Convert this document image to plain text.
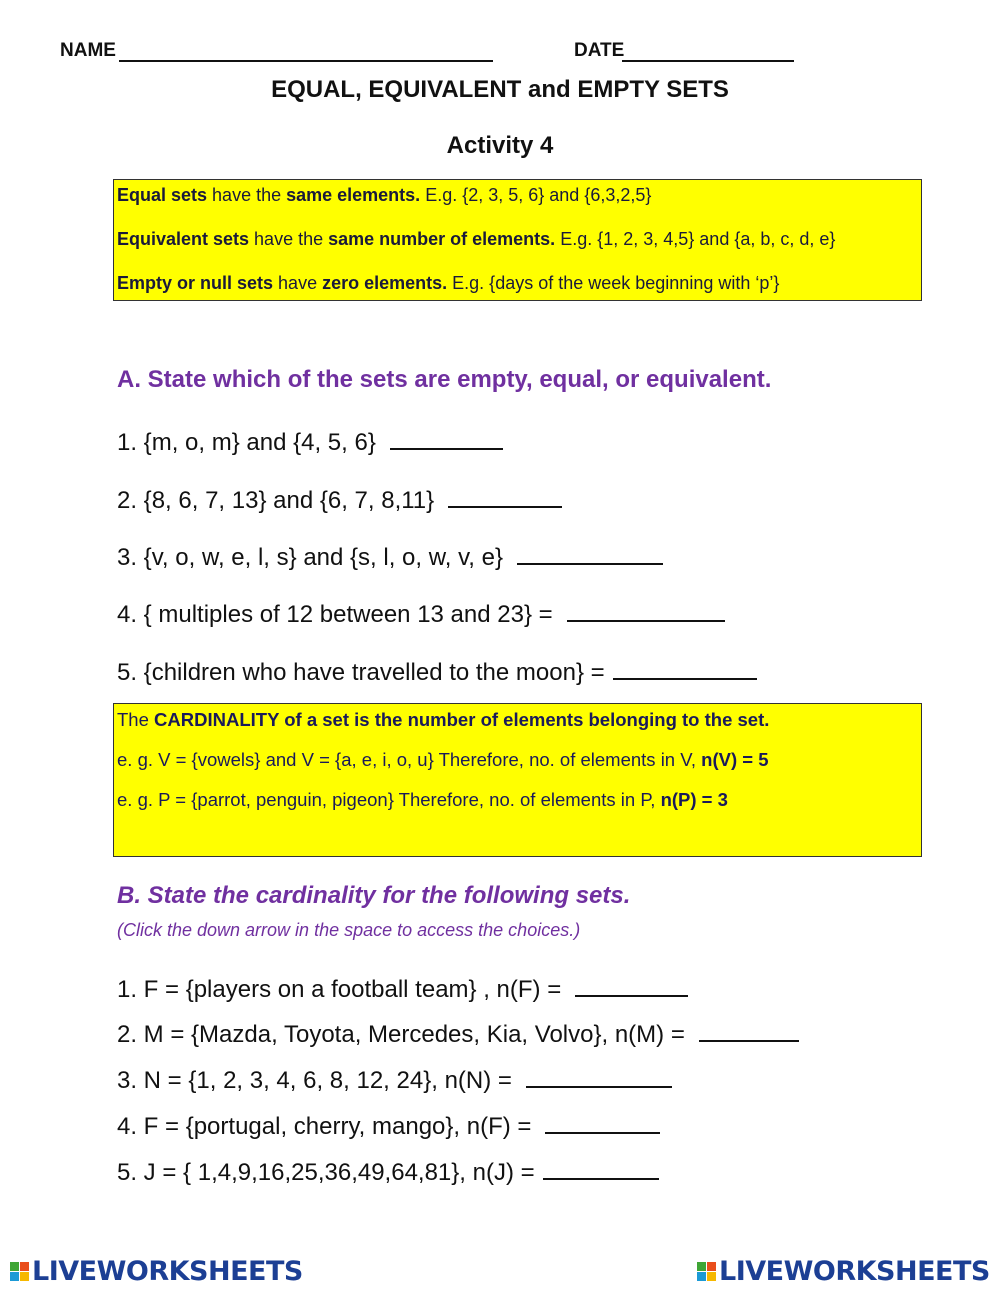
NAME	DATE
EQUAL, EQUIVALENT and EMPTY SETS
Activity 4
Equal sets have the same elements. E.g. {2, 3, 5, 6} and {6,3,2,5}
Equivalent sets have the same number of elements. E.g. {1, 2, 3, 4,5} and {a, b, c, d, e}
Empty or null sets have zero elements. E.g. {days of the week beginning with ‘p’}
A. State which of the sets are empty, equal, or equivalent.
1. {m, o, m} and {4, 5, 6}
2. {8, 6, 7, 13} and {6, 7, 8,11}
3. {v, o, w, e, l, s} and {s, l, o, w, v, e}
4. { multiples of 12 between 13 and 23} =
5. {children who have travelled to the moon} =
The CARDINALITY of a set is the number of elements belonging to the set.
e. g. V = {vowels} and V = {a, e, i, o, u} Therefore, no. of elements in V, n(V) = 5
e. g. P = {parrot, penguin, pigeon} Therefore, no. of elements in P, n(P) = 3
B. State the cardinality for the following sets.
(Click the down arrow in the space to access the choices.)
1. F = {players on a football team} , n(F) =
2. M = {Mazda, Toyota, Mercedes, Kia, Volvo}, n(M) =
3. N = {1, 2, 3, 4, 6, 8, 12, 24}, n(N) =
4. F = {portugal, cherry, mango}, n(F) =
5. J = { 1,4,9,16,25,36,49,64,81}, n(J) =
LIVEWORKSHEETS	LIVEWORKSHEETS
